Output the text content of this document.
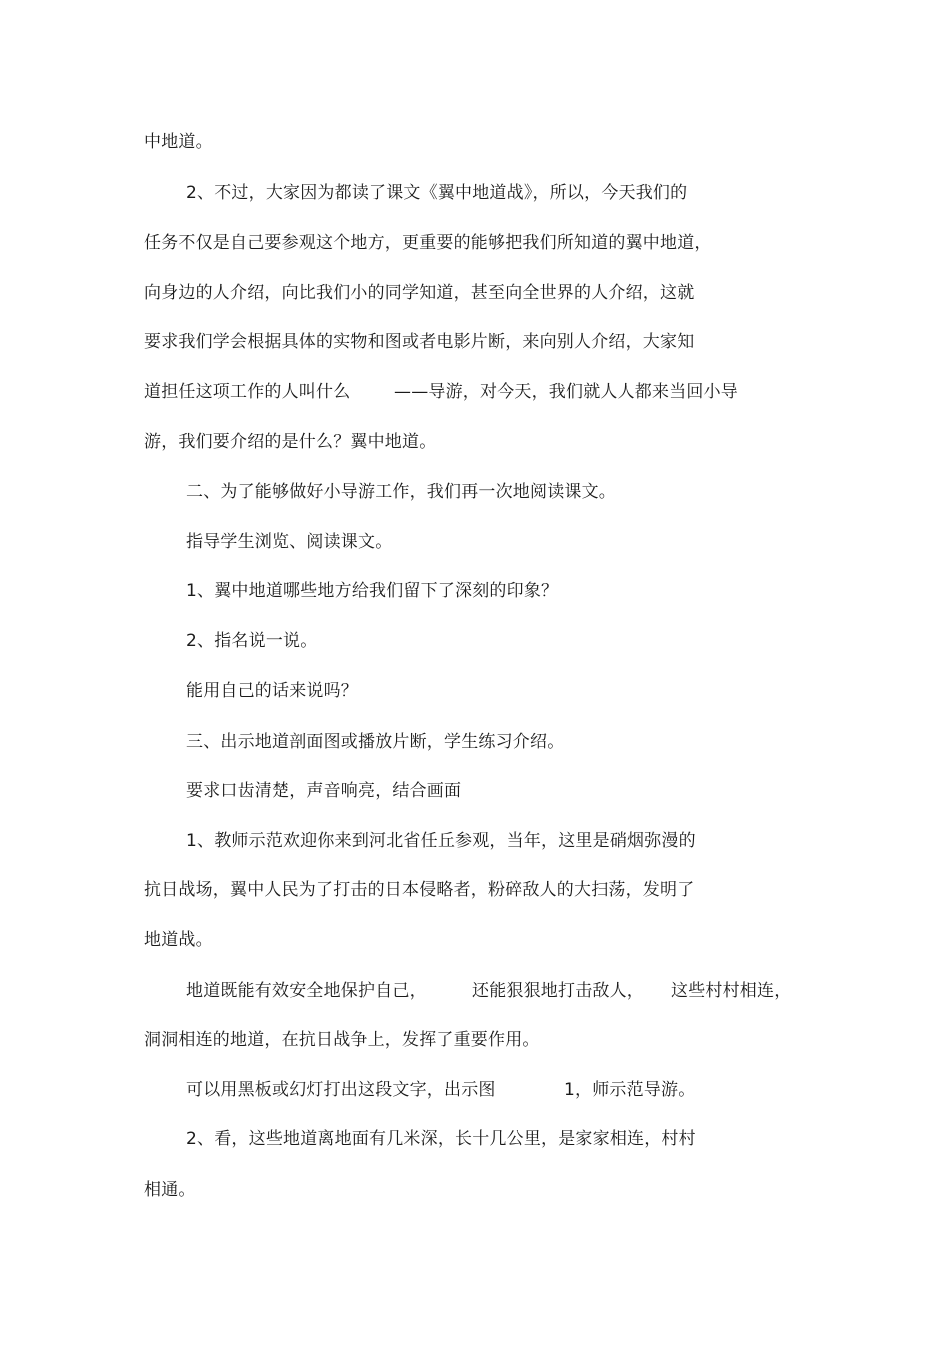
中地道。
2、不过，大家因为都读了课文《翼中地道战》，所以，今天我们的
任务不仅是自己要参观这个地方，更重要的能够把我们所知道的翼中地道，
向身边的人介绍，向比我们小的同学知道，甚至向全世界的人介绍，这就
要求我们学会根据具体的实物和图或者电影片断，来向别人介绍，大家知
道担任这项工作的人叫什么	——导游，对今天，我们就人人都来当回小导
游，我们要介绍的是什么？翼中地道。
二、为了能够做好小导游工作，我们再一次地阅读课文。
指导学生浏览、阅读课文。
1、翼中地道哪些地方给我们留下了深刻的印象？
2、指名说一说。
能用自己的话来说吗？
三、出示地道剖面图或播放片断，学生练习介绍。
要求口齿清楚，声音响亮，结合画面
1、教师示范欢迎你来到河北省任丘参观，当年，这里是硝烟弥漫的
抗日战场，翼中人民为了打击的日本侵略者，粉碎敌人的大扫荡，发明了
地道战。
地道既能有效安全地保护自己，	还能狠狠地打击敌人， 这些村村相连，
洞洞相连的地道，在抗日战争上，发挥了重要作用。
可以用黑板或幻灯打出这段文字，出示图	1，师示范导游。
2、看，这些地道离地面有几米深，长十几公里，是家家相连，村村
相通。
